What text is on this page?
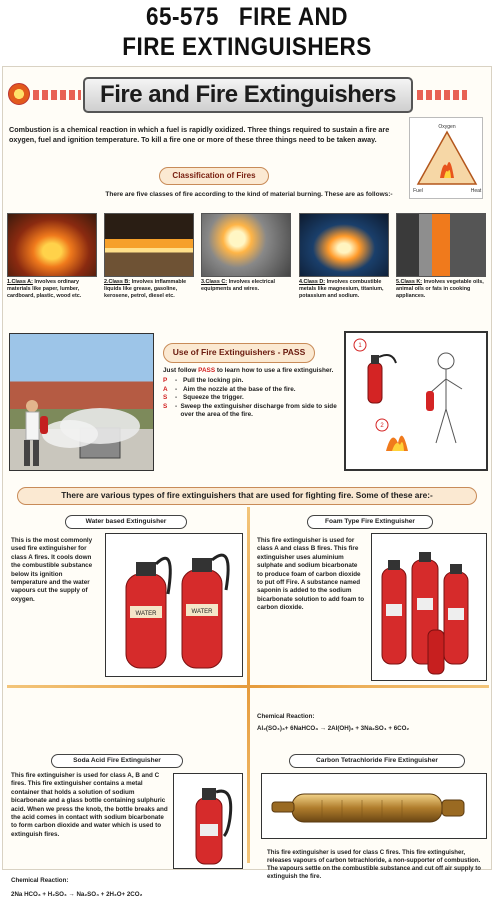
65-575   FIRE AND
FIRE EXTINGUISHERS
Fire and Fire Extinguishers
Combustion is a chemical reaction in which a fuel is rapidly oxidized. Three things required to sustain a fire are oxygen, fuel and ignition temperature. To kill a fire one or more of these three things need to be taken away.
Oxygen
Fuel	Heat
Classification of Fires
There are five classes of fire according to the kind of material burning. These are as follows:-
1.Class A: Involves ordinary materials like paper, lumber, cardboard, plastic, wood etc.
2.Class B: Involves inflammable liquids like grease, gasoline, kerosene, petrol, diesel etc.
3.Class C: Involves electrical equipments and wires.
4.Class D: Involves combustible metals like magnesium, titanium, potassium and sodium.
5.Class K: Involves vegetable oils, animal oils or fats in cooking appliances.
Use of Fire Extinguishers - PASS
Just follow PASS to learn how to use a fire extinguisher.
P	- Pull the locking pin.
A	- Aim the nozzle at the base of the fire.
S	- Squeeze the trigger.
S	- Sweep the extinguisher discharge from side to side over the area of the fire.
1
2
There are various types of fire extinguishers that are used for fighting fire. Some of these are:-
Water based Extinguisher
This is the most commonly used fire extinguisher for class A fires. It cools down the combustible substance below its ignition temperature and the water vapours cut the supply of oxygen.
WATER	WATER
Foam Type Fire Extinguisher
This fire extinguisher is used for class A and class B fires. This fire extinguisher uses aluminium sulphate and sodium bicarbonate to produce foam of carbon dioxide to put off Fire. A substance named saponin is added to the sodium bicarbonate solution to add foam to carbon dioxide.
Chemical Reaction:
Al₂(SO₄)₃+ 6NaHCO₃ → 2Al(OH)₃ + 3Na₂SO₄ + 6CO₂
Soda Acid Fire Extinguisher
This fire extinguisher is used for class A, B and C fires. This fire extinguisher contains a metal container that holds a solution of sodium bicarbonate and a glass bottle containing sulphuric acid. When we press the knob, the bottle breaks and the acid comes in contact with sodium bicarbonate to form carbon dioxide and water which is used to extinguish fires.
Chemical Reaction:
Carbon Tetrachloride Fire Extinguisher
This fire extinguisher is used for class C fires. This fire extinguisher, releases vapours of carbon tetrachloride, a non-supporter of combustion. The vapours settle on the combustible substance and cut off air supply to extinguish the fire.
2Na HCO₃ + H₂SO₄ → Na₂SO₄ + 2H₂O+ 2CO₂
